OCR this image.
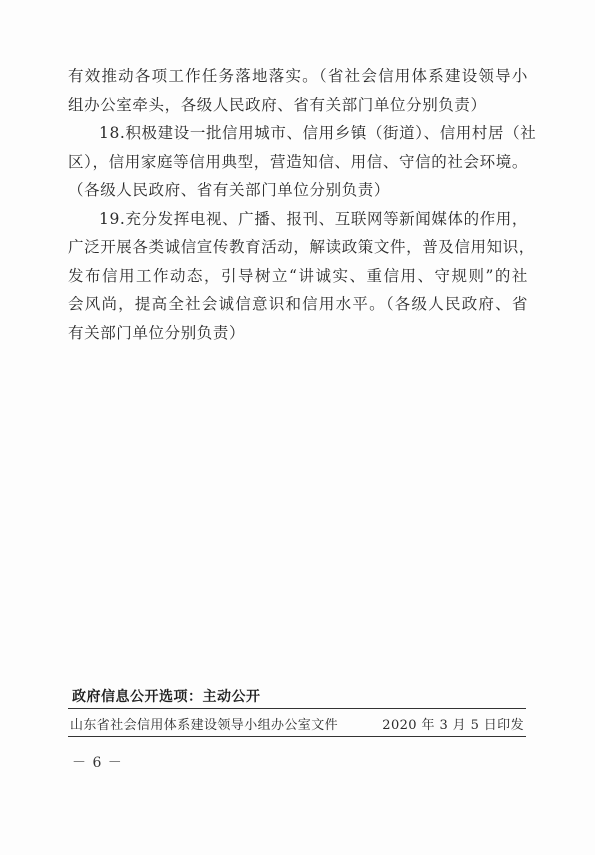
有效推动各项工作任务落地落实。（省社会信用体系建设领导小
组办公室牵头，各级人民政府、省有关部门单位分别负责）
18.积极建设一批信用城市、信用乡镇（街道）、信用村居（社
区），信用家庭等信用典型，营造知信、用信、守信的社会环境。
（各级人民政府、省有关部门单位分别负责）
19.充分发挥电视、广播、报刊、互联网等新闻媒体的作用，
广泛开展各类诚信宣传教育活动，解读政策文件，普及信用知识，
发布信用工作动态，引导树立“讲诚实、重信用、守规则”的社
会风尚，提高全社会诚信意识和信用水平。（各级人民政府、省
有关部门单位分别负责）
政府信息公开选项：主动公开
山东省社会信用体系建设领导小组办公室文件	2020 年 3 月 5 日印发
－ 6 －
